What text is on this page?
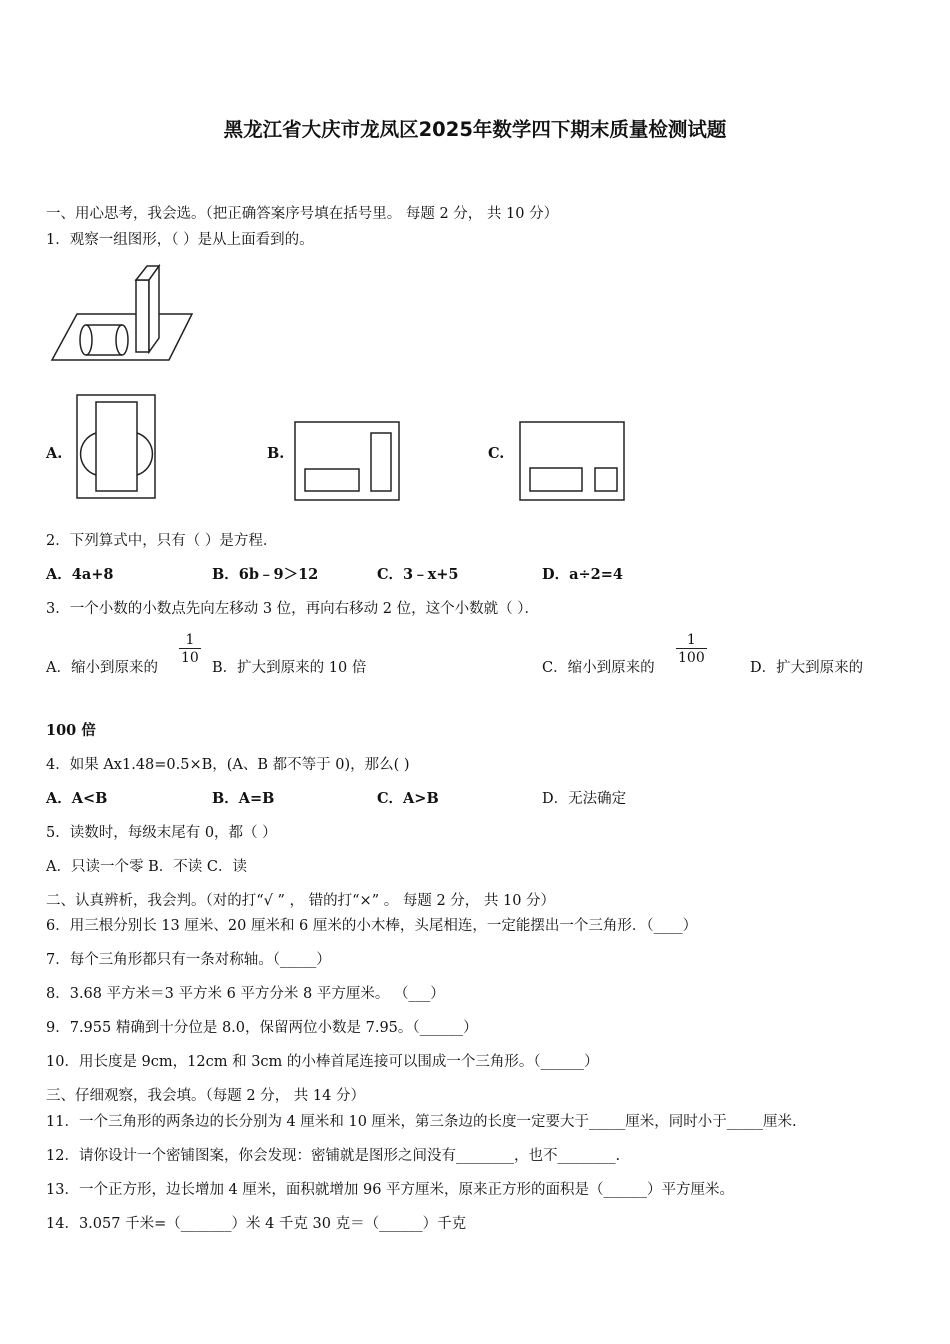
黑龙江省大庆市龙凤区2025年数学四下期末质量检测试题
一、用心思考，我会选。（把正确答案序号填在括号里。 每题 2 分， 共 10 分）
1．观察一组图形，（ ）是从上面看到的。
A.	B.	C.
2．下列算式中，只有（ ）是方程．
A．4a+8	B．6b﹣9＞12	C．3﹣x+5	D．a÷2=4
3．一个小数的小数点先向左移动 3 位，再向右移动 2 位，这个小数就（ ）．
A．缩小到原来的
$\frac{1}{10}$
B．扩大到原来的 10 倍	C．缩小到原来的
$\frac{1}{100}$
D．扩大到原来的
100 倍
4．如果 Ax1.48=0.5×B，(A、B 都不等于 0)，那么( )
A．A<B	B．A=B	C．A>B	D．无法确定
5．读数时，每级末尾有 0，都（ ）
A．只读一个零 B．不读 C．读
二、认真辨析，我会判。（对的打“√ ” ， 错的打“×” 。 每题 2 分， 共 10 分）
6．用三根分别长 13 厘米、20 厘米和 6 厘米的小木棒，头尾相连，一定能摆出一个三角形．（____）
7．每个三角形都只有一条对称轴。（_____）
8．3.68 平方米＝3 平方米 6 平方分米 8 平方厘米。 （___）
9．7.955 精确到十分位是 8.0，保留两位小数是 7.95。（______）
10．用长度是 9cm，12cm 和 3cm 的小棒首尾连接可以围成一个三角形。（______）
三、仔细观察，我会填。（每题 2 分， 共 14 分）
11．一个三角形的两条边的长分别为 4 厘米和 10 厘米，第三条边的长度一定要大于_____厘米，同时小于_____厘米.
12．请你设计一个密铺图案，你会发现：密铺就是图形之间没有________，也不________.
13．一个正方形，边长增加 4 厘米，面积就增加 96 平方厘米，原来正方形的面积是（______）平方厘米。
14．3.057 千米=（_______）米 4 千克 30 克＝（______）千克
